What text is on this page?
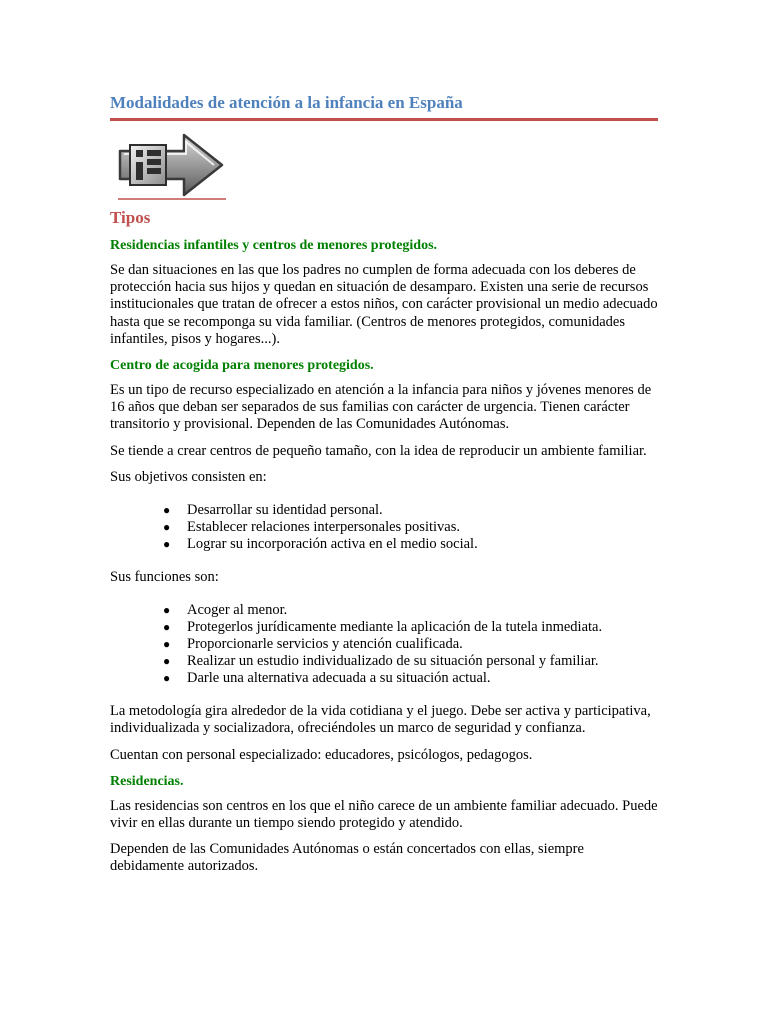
Modalidades de atención a la infancia en España
Tipos
Residencias infantiles y centros de menores protegidos.

Se dan situaciones en las que los padres no cumplen de forma adecuada con los deberes de protección hacia sus hijos y quedan en situación de desamparo. Existen una serie de recursos institucionales que tratan de ofrecer a estos niños, con carácter provisional un medio adecuado hasta que se recomponga su vida familiar. (Centros de menores protegidos, comunidades infantiles, pisos y hogares...).

Centro de acogida para menores protegidos.

Es un tipo de recurso especializado en atención a la infancia para niños y jóvenes menores de 16 años que deban ser separados de sus familias con carácter de urgencia. Tienen carácter transitorio y provisional. Dependen de las Comunidades Autónomas.

Se tiende a crear centros de pequeño tamaño, con la idea de reproducir un ambiente familiar.

Sus objetivos consisten en:

● Desarrollar su identidad personal.
● Establecer relaciones interpersonales positivas.
● Lograr su incorporación activa en el medio social.

Sus funciones son:

● Acoger al menor.
● Protegerlos jurídicamente mediante la aplicación de la tutela inmediata.
● Proporcionarle servicios y atención cualificada.
● Realizar un estudio individualizado de su situación personal y familiar.
● Darle una alternativa adecuada a su situación actual.

La metodología gira alrededor de la vida cotidiana y el juego. Debe ser activa y participativa, individualizada y socializadora, ofreciéndoles un marco de seguridad y confianza.

Cuentan con personal especializado: educadores, psicólogos, pedagogos.

Residencias.

Las residencias son centros en los que el niño carece de un ambiente familiar adecuado. Puede vivir en ellas durante un tiempo siendo protegido y atendido.

Dependen de las Comunidades Autónomas o están concertados con ellas, siempre debidamente autorizados.
